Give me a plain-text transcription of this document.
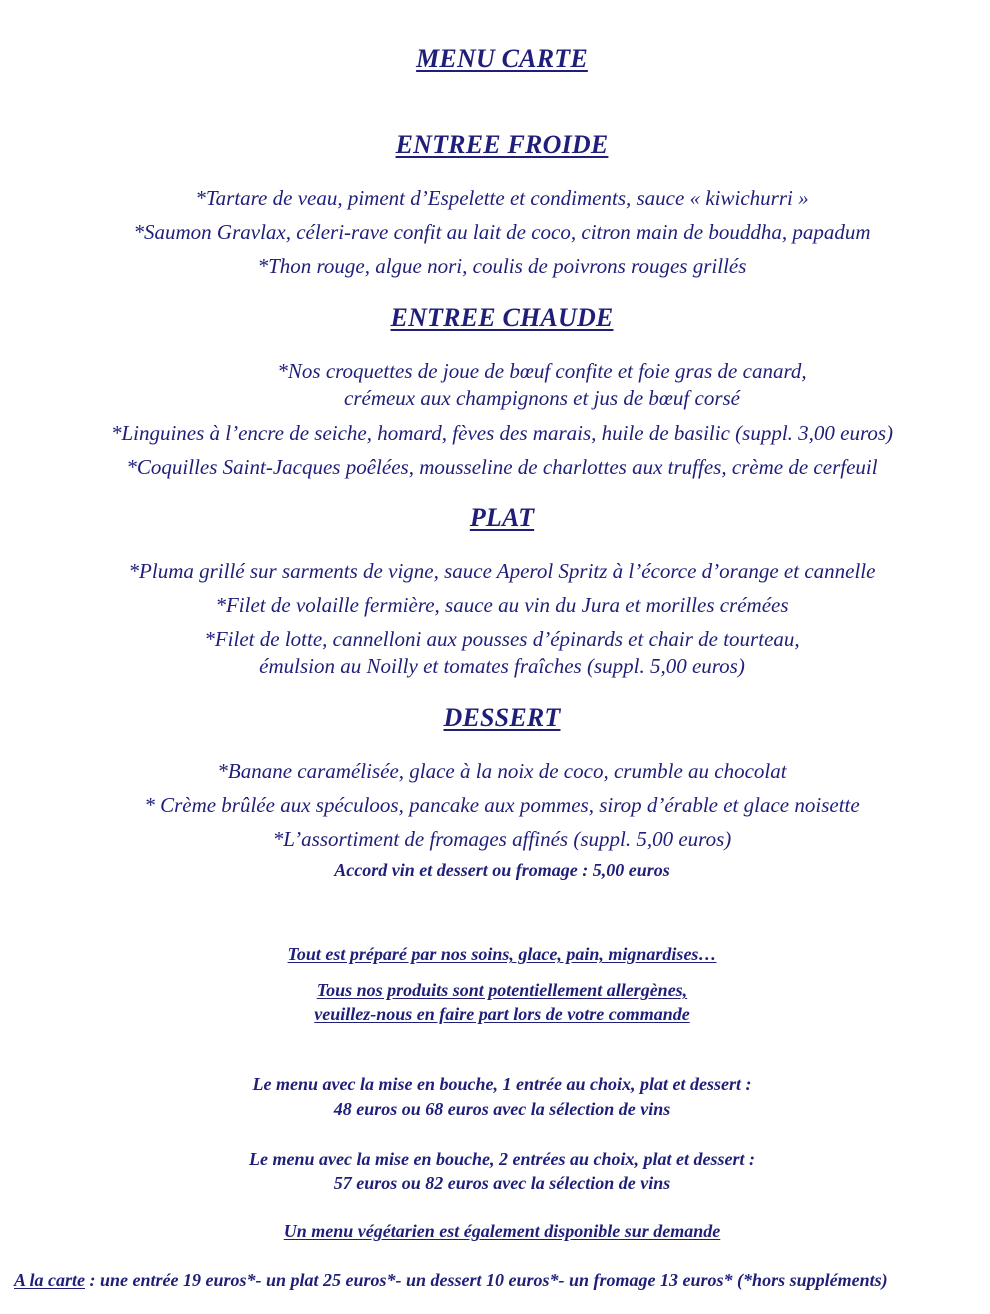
MENU CARTE
ENTREE FROIDE
*Tartare de veau, piment d’Espelette et condiments, sauce « kiwichurri »
*Saumon Gravlax, céleri-rave confit au lait de coco, citron main de bouddha, papadum
*Thon rouge, algue nori, coulis de poivrons rouges grillés
ENTREE CHAUDE
*Nos croquettes de joue de bœuf confite et foie gras de canard,
crémeux aux champignons et jus de bœuf corsé
*Linguines à l’encre de seiche, homard, fèves des marais, huile de basilic (suppl. 3,00 euros)
*Coquilles Saint-Jacques poêlées, mousseline de charlottes aux truffes, crème de cerfeuil
PLAT
*Pluma grillé sur sarments de vigne, sauce Aperol Spritz à l’écorce d’orange et cannelle
*Filet de volaille fermière, sauce au vin du Jura et morilles crémées
*Filet de lotte, cannelloni aux pousses d’épinards et chair de tourteau,
émulsion au Noilly et tomates fraîches (suppl. 5,00 euros)
DESSERT
*Banane caramélisée, glace à la noix de coco, crumble au chocolat
* Crème brûlée aux spéculoos, pancake aux pommes, sirop d’érable et glace noisette
*L’assortiment de fromages affinés (suppl. 5,00 euros)
Accord vin et dessert ou fromage : 5,00 euros
Tout est préparé par nos soins, glace, pain, mignardises…
Tous nos produits sont potentiellement allergènes,
veuillez-nous en faire part lors de votre commande
Le menu avec la mise en bouche, 1 entrée au choix, plat et dessert :
48 euros ou 68 euros avec la sélection de vins
Le menu avec la mise en bouche, 2 entrées au choix, plat et dessert :
57 euros ou 82 euros avec la sélection de vins
Un menu végétarien est également disponible sur demande
A la carte : une entrée 19 euros*- un plat 25 euros*- un dessert 10 euros*- un fromage 13 euros* (*hors suppléments)
